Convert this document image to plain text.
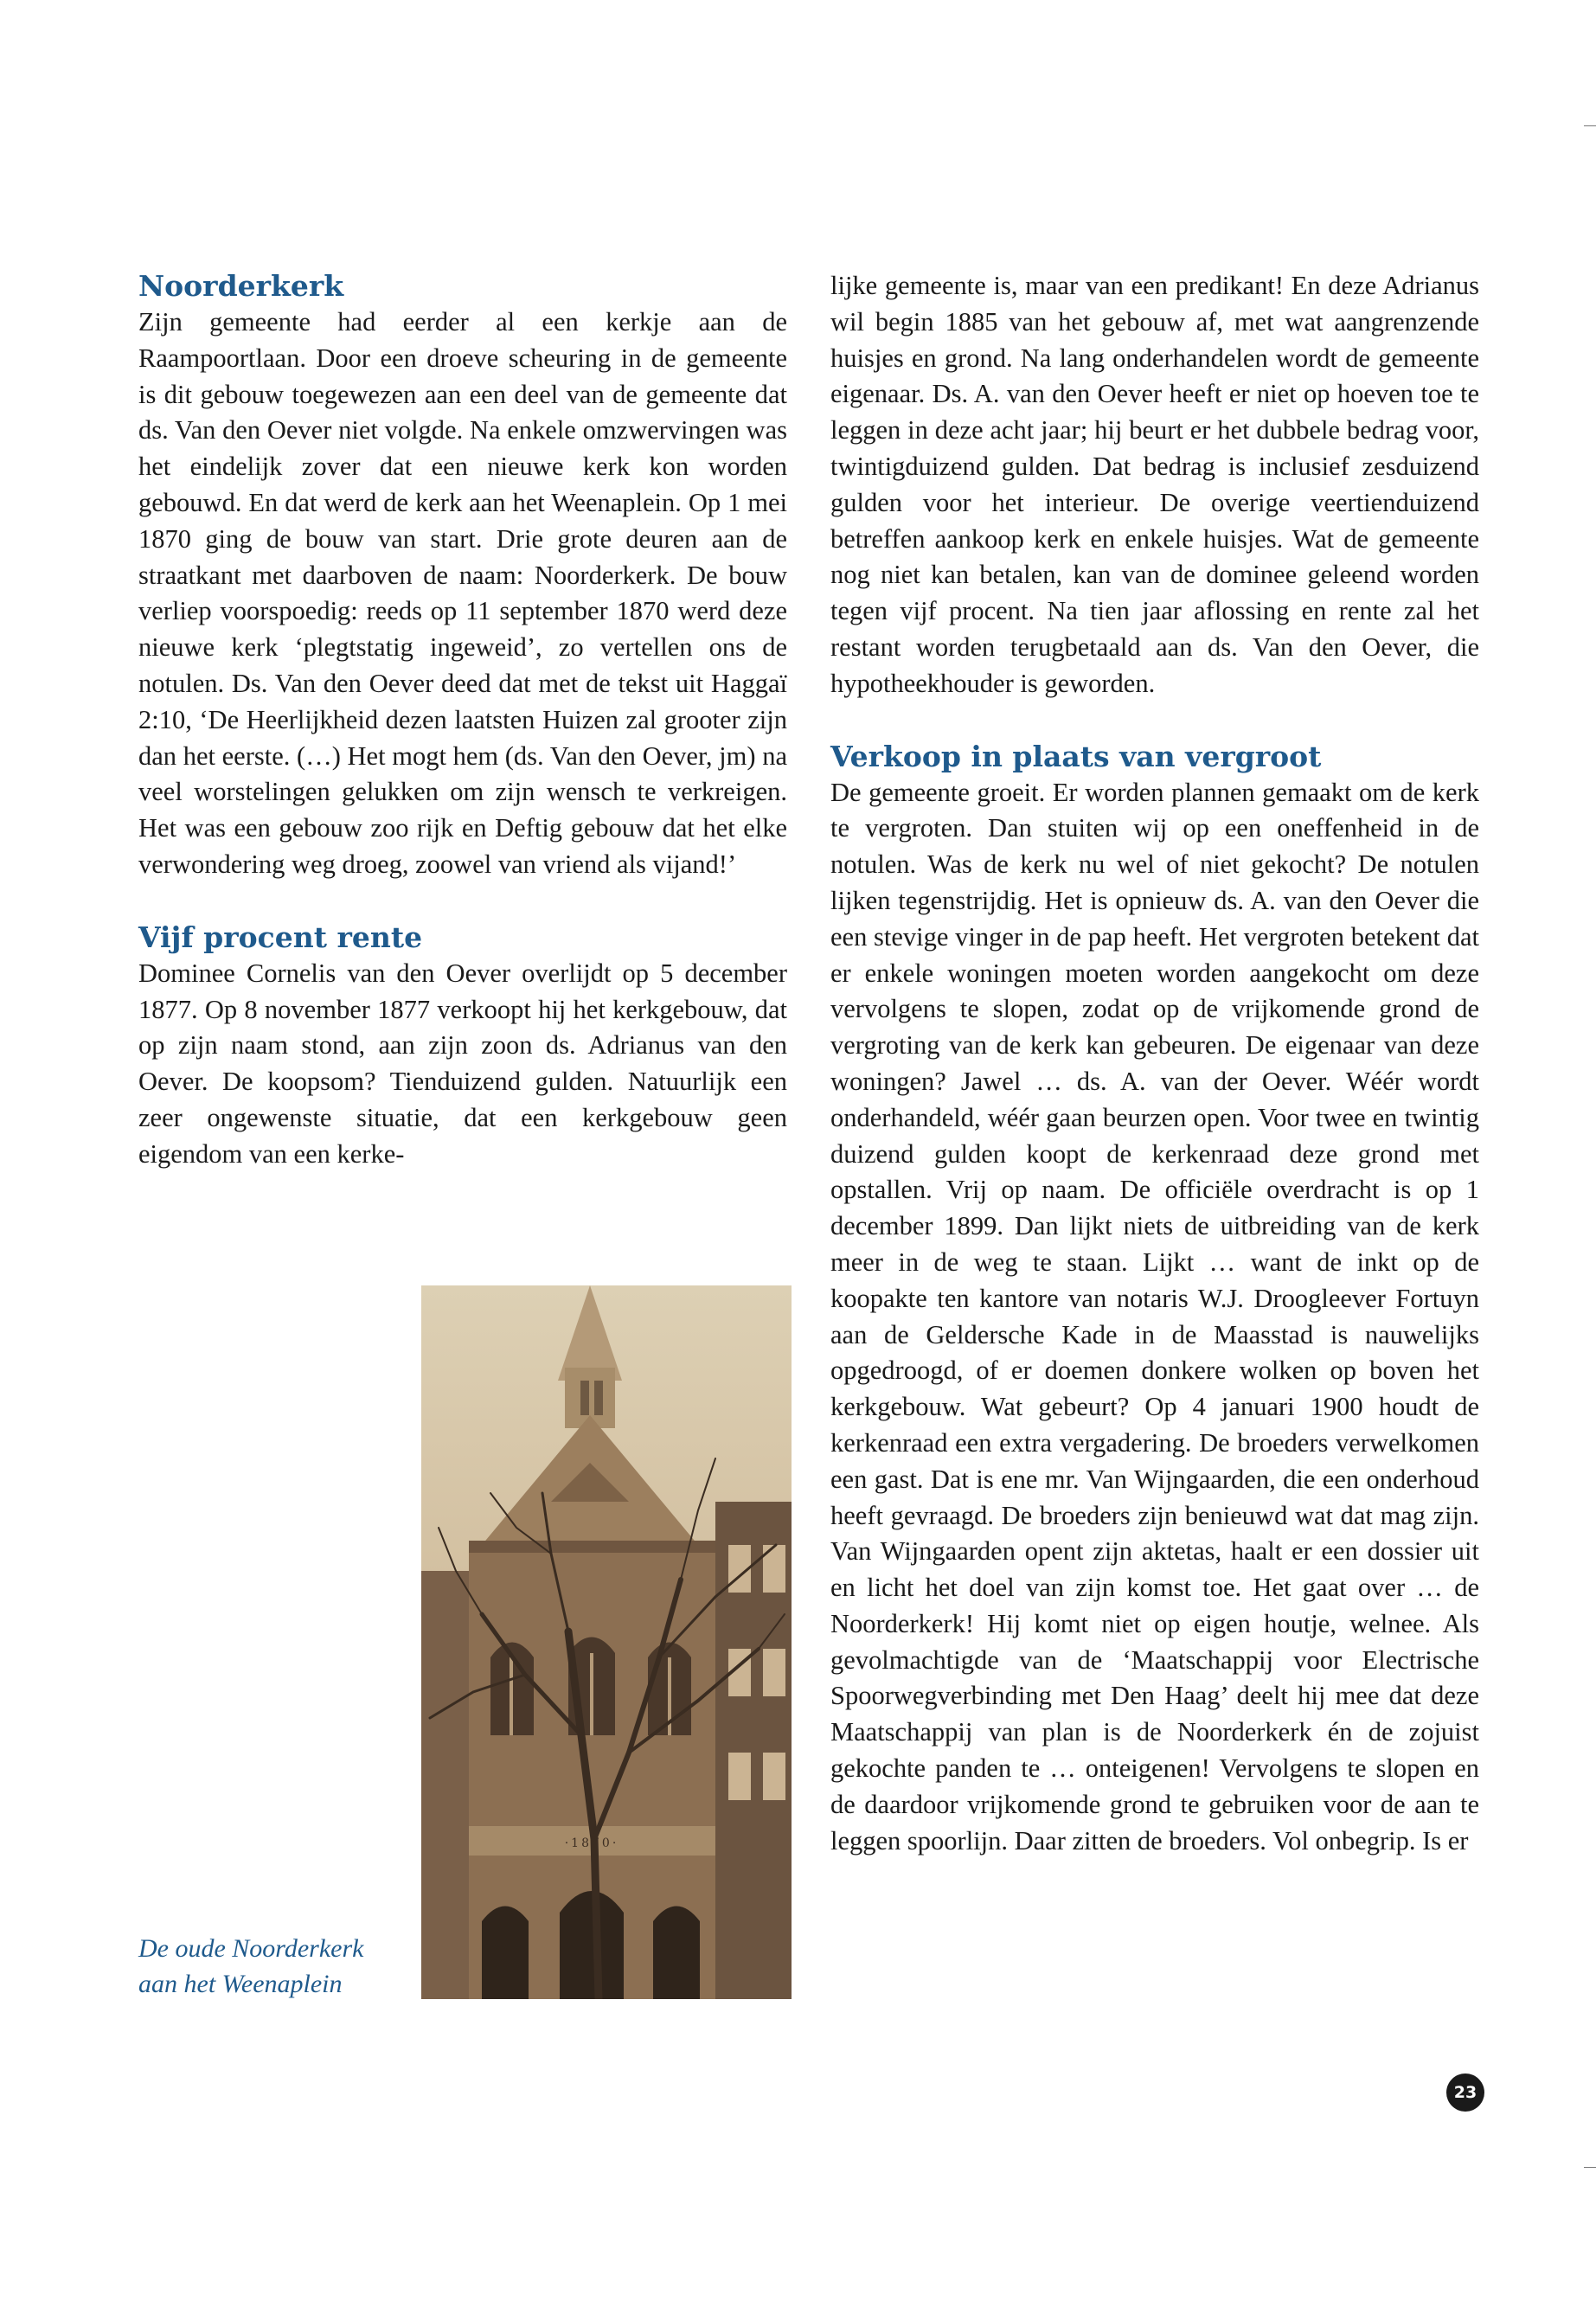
Noorderkerk

Zijn gemeente had eerder al een kerkje aan de Raampoortlaan. Door een droeve scheuring in de gemeente is dit gebouw toegewezen aan een deel van de gemeente dat ds. Van den Oever niet volgde. Na enkele omzwervingen was het eindelijk zover dat een nieuwe kerk kon worden gebouwd. En dat werd de kerk aan het Weenaplein. Op 1 mei 1870 ging de bouw van start. Drie grote deuren aan de straatkant met daarboven de naam: Noorderkerk. De bouw verliep voorspoedig: reeds op 11 september 1870 werd deze nieuwe kerk ‘plegtstatig ingeweid’, zo vertellen ons de notulen. Ds. Van den Oever deed dat met de tekst uit Haggaï 2:10, ‘De Heerlijkheid dezen laatsten Huizen zal grooter zijn dan het eerste. (…) Het mogt hem (ds. Van den Oever, jm) na veel worstelingen gelukken om zijn wensch te verkreigen. Het was een gebouw zoo rijk en Deftig gebouw dat het elke verwondering weg droeg, zoowel van vriend als vijand!’

Vijf procent rente

Dominee Cornelis van den Oever overlijdt op 5 december 1877. Op 8 november 1877 verkoopt hij het kerkgebouw, dat op zijn naam stond, aan zijn zoon ds. Adrianus van den Oever. De koopsom? Tienduizend gulden. Natuurlijk een zeer ongewenste situatie, dat een kerkgebouw geen eigendom van een kerke-

lijke gemeente is, maar van een predikant! En deze Adrianus wil begin 1885 van het gebouw af, met wat aangrenzende huisjes en grond. Na lang onderhandelen wordt de gemeente eigenaar. Ds. A. van den Oever heeft er niet op hoeven toe te leggen in deze acht jaar; hij beurt er het dubbele bedrag voor, twintigduizend gulden. Dat bedrag is inclusief zesduizend gulden voor het interieur. De overige veertienduizend betreffen aankoop kerk en enkele huisjes. Wat de gemeente nog niet kan betalen, kan van de dominee geleend worden tegen vijf procent. Na tien jaar aflossing en rente zal het restant worden terugbetaald aan ds. Van den Oever, die hypotheekhouder is geworden.

Verkoop in plaats van vergroot

De gemeente groeit. Er worden plannen gemaakt om de kerk te vergroten. Dan stuiten wij op een oneffenheid in de notulen. Was de kerk nu wel of niet gekocht? De notulen lijken tegenstrijdig. Het is opnieuw ds. A. van den Oever die een stevige vinger in de pap heeft. Het vergroten betekent dat er enkele woningen moeten worden aangekocht om deze vervolgens te slopen, zodat op de vrijkomende grond de vergroting van de kerk kan gebeuren. De eigenaar van deze woningen? Jawel … ds. A. van der Oever. Wéér wordt onderhandeld, wéér gaan beurzen open. Voor twee en twintig duizend gulden koopt de kerkenraad deze grond met opstallen. Vrij op naam. De officiële overdracht is op 1 december 1899. Dan lijkt niets de uitbreiding van de kerk meer in de weg te staan. Lijkt … want de inkt op de koopakte ten kantore van notaris W.J. Droogleever Fortuyn aan de Geldersche Kade in de Maasstad is nauwelijks opgedroogd, of er doemen donkere wolken op boven het kerkgebouw. Wat gebeurt? Op 4 januari 1900 houdt de kerkenraad een extra vergadering. De broeders verwelkomen een gast. Dat is ene mr. Van Wijngaarden, die een onderhoud heeft gevraagd. De broeders zijn benieuwd wat dat mag zijn. Van Wijngaarden opent zijn aktetas, haalt er een dossier uit en licht het doel van zijn komst toe. Het gaat over … de Noorderkerk! Hij komt niet op eigen houtje, welnee. Als gevolmachtigde van de ‘Maatschappij voor Electrische Spoorwegverbinding met Den Haag’ deelt hij mee dat deze Maatschappij van plan is de Noorderkerk én de zojuist gekochte panden te … onteigenen! Vervolgens te slopen en de daardoor vrijkomende grond te gebruiken voor de aan te leggen spoorlijn. Daar zitten de broeders. Vol onbegrip. Is er

·1870·
De oude Noorderkerk
aan het Weenaplein
23
